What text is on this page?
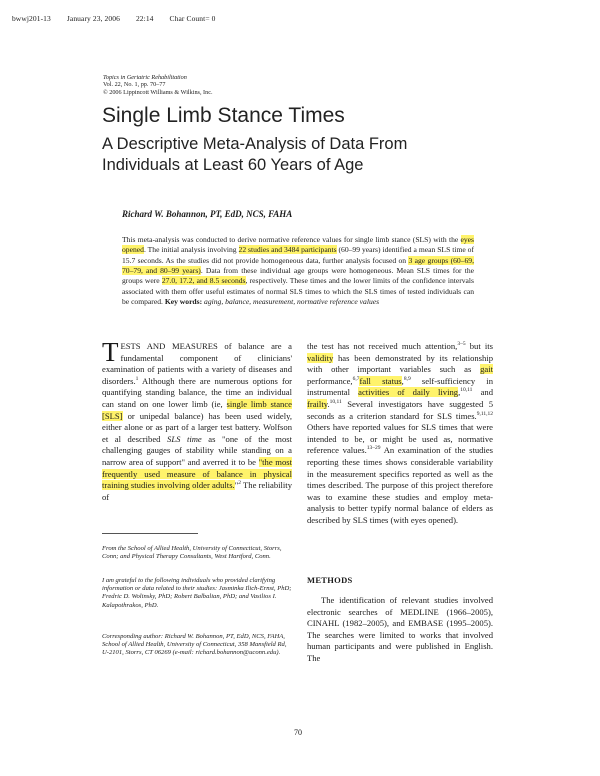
bwwj201-13 January 23, 2006 22:14 Char Count= 0

Topics in Geriatric Rehabilitation
Vol. 22, No. 1, pp. 70–77
© 2006 Lippincott Williams & Wilkins, Inc.
Single Limb Stance Times
A Descriptive Meta-Analysis of Data From Individuals at Least 60 Years of Age
Richard W. Bohannon, PT, EdD, NCS, FAHA
This meta-analysis was conducted to derive normative reference values for single limb stance (SLS) with the eyes opened. The initial analysis involving 22 studies and 3484 participants (60–99 years) identified a mean SLS time of 15.7 seconds. As the studies did not provide homogeneous data, further analysis focused on 3 age groups (60–69, 70–79, and 80–99 years). Data from these individual age groups were homogeneous. Mean SLS times for the groups were 27.0, 17.2, and 8.5 seconds, respectively. These times and the lower limits of the confidence intervals associated with them offer useful estimates of normal SLS times to which the SLS times of tested individuals can be compared. Key words: aging, balance, measurement, normative reference values
TESTS AND MEASURES of balance are a fundamental component of clinicians' examination of patients with a variety of diseases and disorders.$^1$ Although there are numerous options for quantifying standing balance, the time an individual can stand on one lower limb (ie, single limb stance [SLS] or unipedal balance) has been used widely, either alone or as part of a larger test battery. Wolfson et al described SLS time as "one of the most challenging gauges of stability while standing on a narrow area of support" and averred it to be "the most frequently used measure of balance in physical training studies involving older adults."$^2$ The reliability of
From the School of Allied Health, University of Connecticut, Storrs, Conn; and Physical Therapy Consultants, West Hartford, Conn.
I am grateful to the following individuals who provided clarifying information or data related to their studies: Jasminka Ilich-Ernst, PhD; Fredric D. Wolinsky, PhD; Robert Balbalian, PhD; and Vasilios I. Kalapothrakos, PhD.
Corresponding author: Richard W. Bohannon, PT, EdD, NCS, FAHA, School of Allied Health, University of Connecticut, 358 Mansfield Rd, U-2101, Storrs, CT 06269 (e-mail: richard.bohannon@uconn.edu).
the test has not received much attention,$^{3-5}$ but its validity has been demonstrated by its relationship with other important variables such as gait performance,$^{6,7}$fall status,$^{8,9}$ self-sufficiency in instrumental activities of daily living,$^{10,11}$ and frailty.$^{10,11}$ Several investigators have suggested 5 seconds as a criterion standard for SLS times.$^{9,11,12}$ Others have reported values for SLS times that were intended to be, or might be used as, normative reference values.$^{13-29}$ An examination of the studies reporting these times shows considerable variability in the measurement specifics reported as well as the times described. The purpose of this project therefore was to examine these studies and employ meta-analysis to better typify normal balance of elders as described by SLS times (with eyes opened).
METHODS
The identification of relevant studies involved electronic searches of MEDLINE (1966–2005), CINAHL (1982–2005), and EMBASE (1995–2005). The searches were limited to works that involved human participants and were published in English. The
70
